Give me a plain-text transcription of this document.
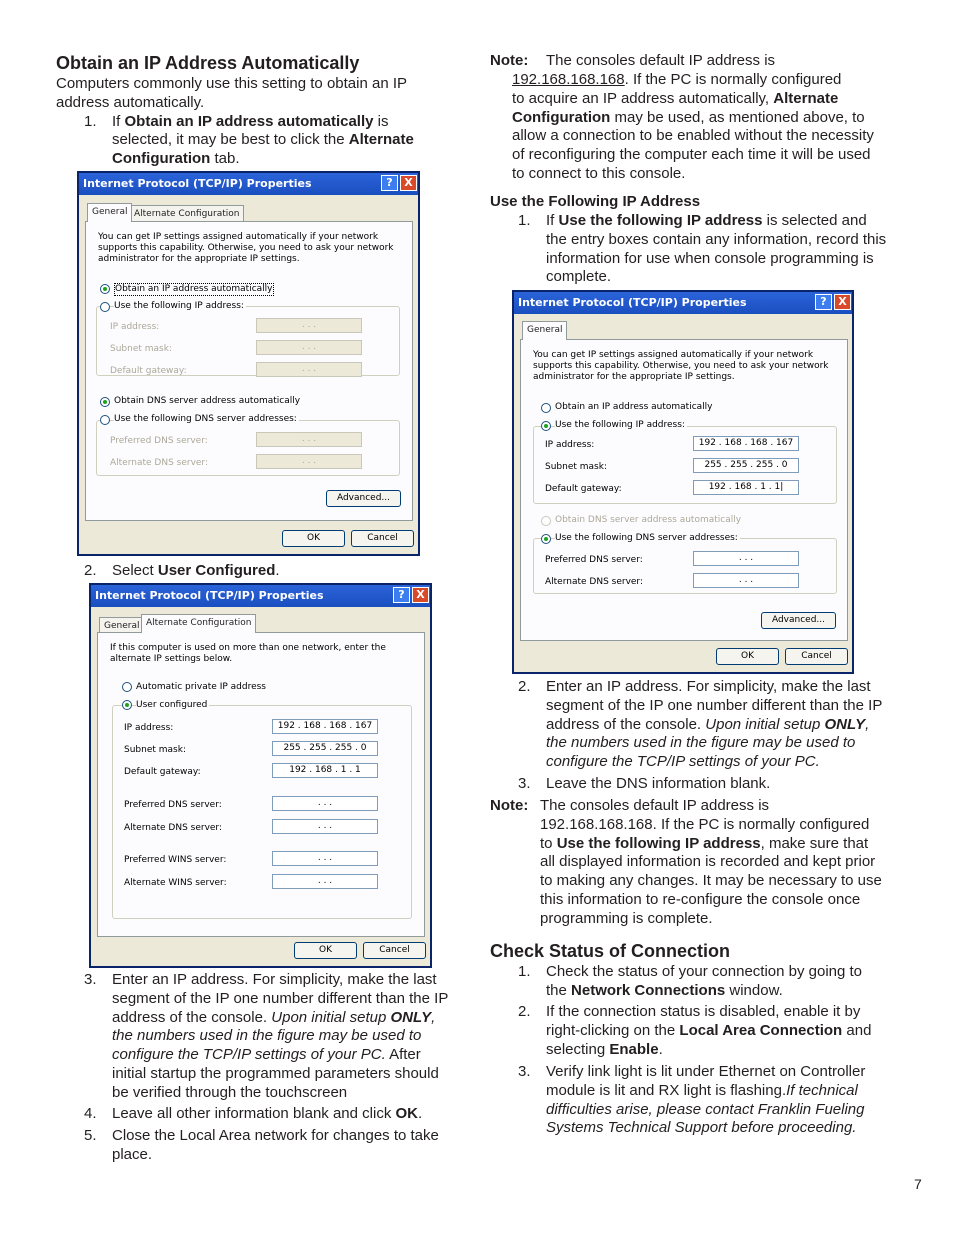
Obtain an IP Address Automatically

Computers commonly use this setting to obtain an IP

address automatically.

1. If Obtain an IP address automatically is
selected, it may be best to click the Alternate
Configuration tab.
Internet Protocol (TCP/IP) Properties	?	X
General Alternate Configuration
You can get IP settings assigned automatically if your network supports this capability. Otherwise, you need to ask your network administrator for the appropriate IP settings.
Obtain an IP address automatically
Use the following IP address:
IP address:	. . .
Subnet mask:	. . .
Default gateway:	. . .
Obtain DNS server address automatically
Use the following DNS server addresses:
Preferred DNS server:	. . .
Alternate DNS server:	. . .
Advanced...
OK	Cancel
2. Select User Configured.
Internet Protocol (TCP/IP) Properties	?	X
General Alternate Configuration
If this computer is used on more than one network, enter the alternate IP settings below.
Automatic private IP address
User configured
IP address:	192 . 168 . 168 . 167
Subnet mask:	255 . 255 . 255 . 0
Default gateway:	192 . 168 . 1 . 1
Preferred DNS server:	. . .
Alternate DNS server:	. . .
Preferred WINS server:	. . .
Alternate WINS server:	. . .
OK	Cancel
3. Enter an IP address. For simplicity, make the last
segment of the IP one number different than the IP
address of the console. Upon initial setup ONLY,
the numbers used in the figure may be used to
configure the TCP/IP settings of your PC. After
initial startup the programmed parameters should
be verified through the touchscreen
4. Leave all other information blank and click OK.
5. Close the Local Area network for changes to take
place.
Note: The consoles default IP address is
192.168.168.168. If the PC is normally configured
to acquire an IP address automatically, Alternate
Configuration may be used, as mentioned above, to
allow a connection to be enabled without the necessity
of reconfiguring the computer each time it will be used
to connect to this console.
Use the Following IP Address
1. If Use the following IP address is selected and
the entry boxes contain any information, record this
information for use when console programming is
complete.
Internet Protocol (TCP/IP) Properties	?	X
General
You can get IP settings assigned automatically if your network supports this capability. Otherwise, you need to ask your network administrator for the appropriate IP settings.
Obtain an IP address automatically
Use the following IP address:
IP address:	192 . 168 . 168 . 167
Subnet mask:	255 . 255 . 255 . 0
Default gateway:	192 . 168 . 1 . 1|
Obtain DNS server address automatically
Use the following DNS server addresses:
Preferred DNS server:	. . .
Alternate DNS server:	. . .
Advanced...
OK	Cancel
2. Enter an IP address. For simplicity, make the last
segment of the IP one number different than the IP
address of the console. Upon initial setup ONLY,
the numbers used in the figure may be used to
configure the TCP/IP settings of your PC.
3. Leave the DNS information blank.
Note: The consoles default IP address is
192.168.168.168. If the PC is normally configured
to Use the following IP address, make sure that
all displayed information is recorded and kept prior
to making any changes. It may be necessary to use
this information to re-configure the console once
programming is complete.

Check Status of Connection

1. Check the status of your connection by going to
the Network Connections window.
2. If the connection status is disabled, enable it by
right-clicking on the Local Area Connection and
selecting Enable.
3. Verify link light is lit under Ethernet on Controller
module is lit and RX light is flashing.If technical
difficulties arise, please contact Franklin Fueling
Systems Technical Support before proceeding.
7
